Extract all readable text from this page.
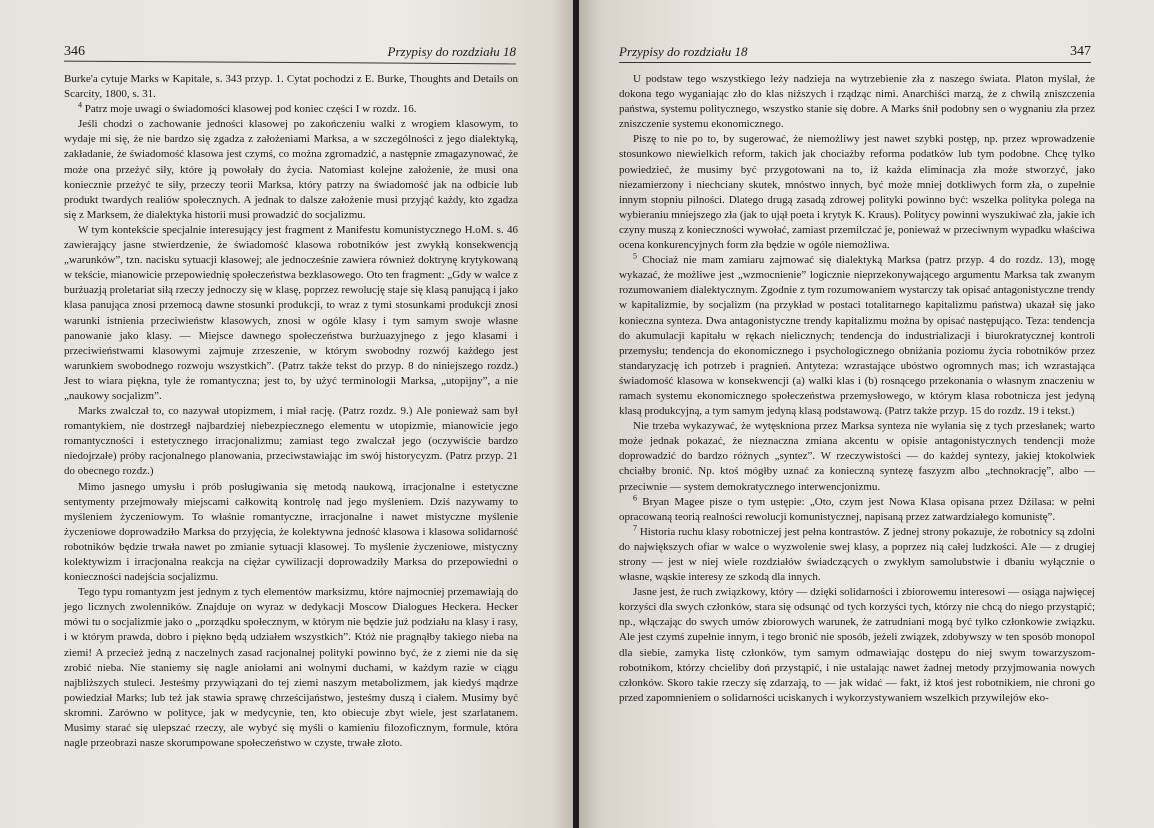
346	Przypisy do rozdziału 18

Burke'a cytuje Marks w Kapitale, s. 343 przyp. 1. Cytat pochodzi z E. Burke, Thoughts and Details on Scarcity, 1800, s. 31.

$^4$ Patrz moje uwagi o świadomości klasowej pod koniec części I w rozdz. 16.

Jeśli chodzi o zachowanie jedności klasowej po zakończeniu walki z wrogiem klasowym, to wydaje mi się, że nie bardzo się zgadza z założeniami Marksa, a w szczególności z jego dialektyką, zakładanie, że świadomość klasowa jest czymś, co można zgromadzić, a następnie zmagazynować, że może ona przeżyć siły, które ją powołały do życia. Natomiast kolejne założenie, że musi ona koniecznie przeżyć te siły, przeczy teorii Marksa, który patrzy na świadomość jak na odbicie lub produkt twardych realiów społecznych. A jednak to dalsze założenie musi przyjąć każdy, kto zgadza się z Marksem, że dialektyka historii musi prowadzić do socjalizmu.

W tym kontekście specjalnie interesujący jest fragment z Manifestu komunistycznego H.oM. s. 46 zawierający jasne stwierdzenie, że świadomość klasowa robotników jest zwykłą konsekwencją „warunków”, tzn. nacisku sytuacji klasowej; ale jednocześnie zawiera również doktrynę krytykowaną w tekście, mianowicie przepowiednię społeczeństwa bezklasowego. Oto ten fragment: „Gdy w walce z burżuazją proletariat siłą rzeczy jednoczy się w klasę, poprzez rewolucję staje się klasą panującą i jako klasa panująca znosi przemocą dawne stosunki produkcji, to wraz z tymi stosunkami produkcji znosi warunki istnienia przeciwieństw klasowych, znosi w ogóle klasy i tym samym swoje własne panowanie jako klasy. — Miejsce dawnego społeczeństwa burżuazyjnego z jego klasami i przeciwieństwami klasowymi zajmuje zrzeszenie, w którym swobodny rozwój każdego jest warunkiem swobodnego rozwoju wszystkich”. (Patrz także tekst do przyp. 8 do niniejszego rozdz.) Jest to wiara piękna, tyle że romantyczna; jest to, by użyć terminologii Marksa, „utopijny”, a nie „naukowy socjalizm”.

Marks zwalczał to, co nazywał utopizmem, i miał rację. (Patrz rozdz. 9.) Ale ponieważ sam był romantykiem, nie dostrzegł najbardziej niebezpiecznego elementu w utopizmie, mianowicie jego romantyczności i estetycznego irracjonalizmu; zamiast tego zwalczał jego (oczywiście bardzo niedojrzałe) próby racjonalnego planowania, przeciwstawiając im swój historycyzm. (Patrz przyp. 21 do obecnego rozdz.)

Mimo jasnego umysłu i prób posługiwania się metodą naukową, irracjonalne i estetyczne sentymenty przejmowały miejscami całkowitą kontrolę nad jego myśleniem. Dziś nazywamy to myśleniem życzeniowym. To właśnie romantyczne, irracjonalne i nawet mistyczne myślenie życzeniowe doprowadziło Marksa do przyjęcia, że kolektywna jedność klasowa i klasowa solidarność robotników będzie trwała nawet po zmianie sytuacji klasowej. To myślenie życzeniowe, mistyczny kolektywizm i irracjonalna reakcja na ciężar cywilizacji doprowadziły Marksa do przepowiedni o konieczności nadejścia socjalizmu.

Tego typu romantyzm jest jednym z tych elementów marksizmu, które najmocniej przemawiają do jego licznych zwolenników. Znajduje on wyraz w dedykacji Moscow Dialogues Heckera. Hecker mówi tu o socjalizmie jako o „porządku społecznym, w którym nie będzie już podziału na klasy i rasy, i w którym prawda, dobro i piękno będą udziałem wszystkich”. Któż nie pragnąłby takiego nieba na ziemi! A przecież jedną z naczelnych zasad racjonalnej polityki powinno być, że z ziemi nie da się zrobić nieba. Nie staniemy się nagle aniołami ani wolnymi duchami, w każdym razie w ciągu najbliższych stuleci. Jesteśmy przywiązani do tej ziemi naszym metabolizmem, jak kiedyś mądrze powiedział Marks; lub też jak stawia sprawę chrześcijaństwo, jesteśmy duszą i ciałem. Musimy być skromni. Zarówno w polityce, jak w medycynie, ten, kto obiecuje zbyt wiele, jest szarlatanem. Musimy starać się ulepszać rzeczy, ale wybyć się myśli o kamieniu filozoficznym, formule, która nagle przeobrazi nasze skorumpowane społeczeństwo w czyste, trwałe złoto.

Przypisy do rozdziału 18	347

U podstaw tego wszystkiego leży nadzieja na wytrzebienie zła z naszego świata. Platon myślał, że dokona tego wyganiając zło do klas niższych i rządząc nimi. Anarchiści marzą, że z chwilą zniszczenia państwa, systemu politycznego, wszystko stanie się dobre. A Marks śnił podobny sen o wygnaniu zła przez zniszczenie systemu ekonomicznego.

Piszę to nie po to, by sugerować, że niemożliwy jest nawet szybki postęp, np. przez wprowadzenie stosunkowo niewielkich reform, takich jak chociażby reforma podatków lub tym podobne. Chcę tylko powiedzieć, że musimy być przygotowani na to, iż każda eliminacja zła może stworzyć, jako niezamierzony i niechciany skutek, mnóstwo innych, być może mniej dotkliwych form zła, o zupełnie innym stopniu pilności. Dlatego drugą zasadą zdrowej polityki powinno być: wszelka polityka polega na wybieraniu mniejszego zła (jak to ujął poeta i krytyk K. Kraus). Politycy powinni wyszukiwać zła, jakie ich czyny muszą z konieczności wywołać, zamiast przemilczać je, ponieważ w przeciwnym wypadku właściwa ocena konkurencyjnych form zła będzie w ogóle niemożliwa.

$^5$ Chociaż nie mam zamiaru zajmować się dialektyką Marksa (patrz przyp. 4 do rozdz. 13), mogę wykazać, że możliwe jest „wzmocnienie” logicznie nieprzekonywającego argumentu Marksa tak zwanym rozumowaniem dialektycznym. Zgodnie z tym rozumowaniem wystarczy tak opisać antagonistyczne trendy w kapitalizmie, by socjalizm (na przykład w postaci totalitarnego kapitalizmu państwa) ukazał się jako konieczna synteza. Dwa antagonistyczne trendy kapitalizmu można by opisać następująco. Teza: tendencja do akumulacji kapitału w rękach nielicznych; tendencja do industrializacji i biurokratycznej kontroli przemysłu; tendencja do ekonomicznego i psychologicznego obniżania poziomu życia robotników przez standaryzację ich potrzeb i pragnień. Antyteza: wzrastające ubóstwo ogromnych mas; ich wzrastająca świadomość klasowa w konsekwencji (a) walki klas i (b) rosnącego przekonania o własnym znaczeniu w ramach systemu ekonomicznego społeczeństwa przemysłowego, w którym klasa robotnicza jest jedyną klasą produkcyjną, a tym samym jedyną klasą podstawową. (Patrz także przyp. 15 do rozdz. 19 i tekst.)

Nie trzeba wykazywać, że wytęskniona przez Marksa synteza nie wyłania się z tych przesłanek; warto może jednak pokazać, że nieznaczna zmiana akcentu w opisie antagonistycznych tendencji może doprowadzić do bardzo różnych „syntez”. W rzeczywistości — do każdej syntezy, jakiej ktokolwiek chciałby bronić. Np. ktoś mógłby uznać za konieczną syntezę faszyzm albo „technokrację”, albo — przeciwnie — system demokratycznego interwencjonizmu.

$^6$ Bryan Magee pisze o tym ustępie: „Oto, czym jest Nowa Klasa opisana przez Dżilasa: w pełni opracowaną teorią realności rewolucji komunistycznej, napisaną przez zatwardziałego komunistę”.

$^7$ Historia ruchu klasy robotniczej jest pełna kontrastów. Z jednej strony pokazuje, że robotnicy są zdolni do największych ofiar w walce o wyzwolenie swej klasy, a poprzez nią całej ludzkości. Ale — z drugiej strony — jest w niej wiele rozdziałów świadczących o zwykłym samolubstwie i dbaniu wyłącznie o własne, wąskie interesy ze szkodą dla innych.

Jasne jest, że ruch związkowy, który — dzięki solidarności i zbiorowemu interesowi — osiąga najwięcej korzyści dla swych członków, stara się odsunąć od tych korzyści tych, którzy nie chcą do niego przystąpić; np., włączając do swych umów zbiorowych warunek, że zatrudniani mogą być tylko członkowie związku. Ale jest czymś zupełnie innym, i tego bronić nie sposób, jeżeli związek, zdobywszy w ten sposób monopol dla siebie, zamyka listę członków, tym samym odmawiając dostępu do niej swym towarzyszom-robotnikom, którzy chcieliby doń przystąpić, i nie ustalając nawet żadnej metody przyjmowania nowych członków. Skoro takie rzeczy się zdarzają, to — jak widać — fakt, iż ktoś jest robotnikiem, nie chroni go przed zapomnieniem o solidarności uciskanych i wykorzystywaniem wszelkich przywilejów eko-
